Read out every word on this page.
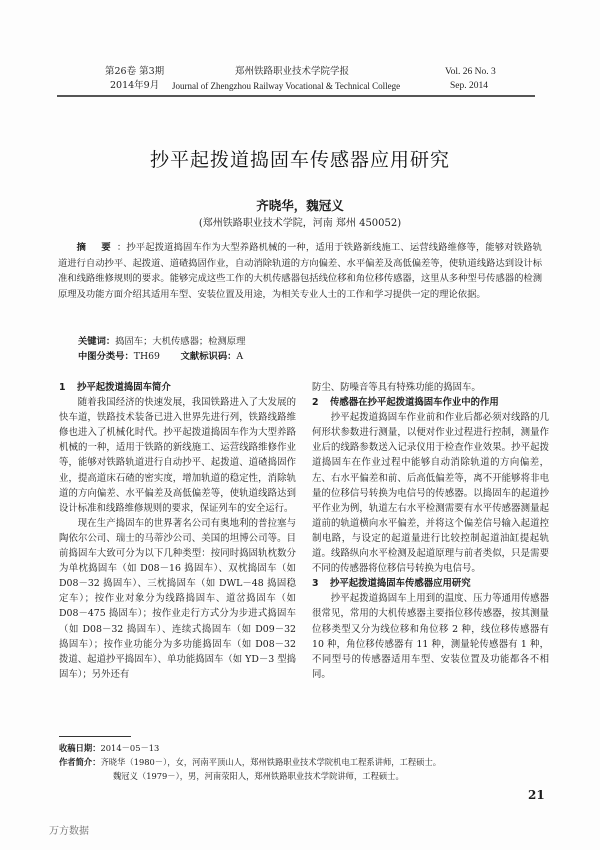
第26卷 第3期
2014年9月
郑州铁路职业技术学院学报
Journal of Zhengzhou Railway Vocational & Technical College
Vol. 26 No. 3
Sep. 2014
抄平起拨道捣固车传感器应用研究
齐晓华，魏冠义
(郑州铁路职业技术学院，河南 郑州 450052)
摘 要：抄平起拨道捣固车作为大型养路机械的一种，适用于铁路新线施工、运营线路维修等，能够对铁路轨道进行自动抄平、起拨道、道碴捣固作业，自动消除轨道的方向偏差、水平偏差及高低偏差等，使轨道线路达到设计标准和线路维修规则的要求。能够完成这些工作的大机传感器包括线位移和角位移传感器，这里从多种型号传感器的检测原理及功能方面介绍其适用车型、安装位置及用途，为相关专业人士的工作和学习提供一定的理论依据。
关键词：捣固车；大机传感器；检测原理
中图分类号：TH69 文献标识码：A
1 抄平起拨道捣固车简介

随着我国经济的快速发展，我国铁路进入了大发展的快车道，铁路技术装备已进入世界先进行列，铁路线路维修也进入了机械化时代。抄平起拨道捣固车作为大型养路机械的一种，适用于铁路的新线施工、运营线路维修作业等，能够对铁路轨道进行自动抄平、起拨道、道碴捣固作业，提高道床石碴的密实度，增加轨道的稳定性，消除轨道的方向偏差、水平偏差及高低偏差等，使轨道线路达到设计标准和线路维修规则的要求，保证列车的安全运行。

现在生产捣固车的世界著名公司有奥地利的普拉塞与陶依尔公司、瑞士的马蒂沙公司、美国的坦博公司等。目前捣固车大致可分为以下几种类型：按同时捣固轨枕数分为单枕捣固车（如 D08－16 捣固车）、双枕捣固车（如 D08－32 捣固车）、三枕捣固车（如 DWL－48 捣固稳定车）；按作业对象分为线路捣固车、道岔捣固车（如 D08－475 捣固车）；按作业走行方式分为步进式捣固车（如 D08－32 捣固车）、连续式捣固车（如 D09－32 捣固车）；按作业功能分为多功能捣固车（如 D08－32 拨道、起道抄平捣固车）、单功能捣固车（如 YD－3 型捣固车）；另外还有

防尘、防噪音等具有特殊功能的捣固车。

2 传感器在抄平起拨道捣固车作业中的作用

抄平起拨道捣固车作业前和作业后都必须对线路的几何形状参数进行测量，以便对作业过程进行控制，测量作业后的线路参数送入记录仪用于检查作业效果。抄平起拨道捣固车在作业过程中能够自动消除轨道的方向偏差，左、右水平偏差和前、后高低偏差等，离不开能够将非电量的位移信号转换为电信号的传感器。以捣固车的起道抄平作业为例，轨道左右水平检测需要有水平传感器测量起道前的轨道横向水平偏差，并将这个偏差信号输入起道控制电路，与设定的起道量进行比较控制起道油缸提起轨道。线路纵向水平检测及起道原理与前者类似，只是需要不同的传感器将位移信号转换为电信号。

3 抄平起拨道捣固车传感器应用研究

抄平起拨道捣固车上用到的温度、压力等通用传感器很常见，常用的大机传感器主要指位移传感器，按其测量位移类型又分为线位移和角位移 2 种，线位移传感器有 10 种，角位移传感器有 11 种，测量轮传感器有 1 种，不同型号的传感器适用车型、安装位置及功能都各不相同。

收稿日期：2014－05－13
作者简介：齐晓华（1980－），女，河南平顶山人，郑州铁路职业技术学院机电工程系讲师，工程硕士。
魏冠义（1979－），男，河南荥阳人，郑州铁路职业技术学院讲师，工程硕士。
21
万方数据
